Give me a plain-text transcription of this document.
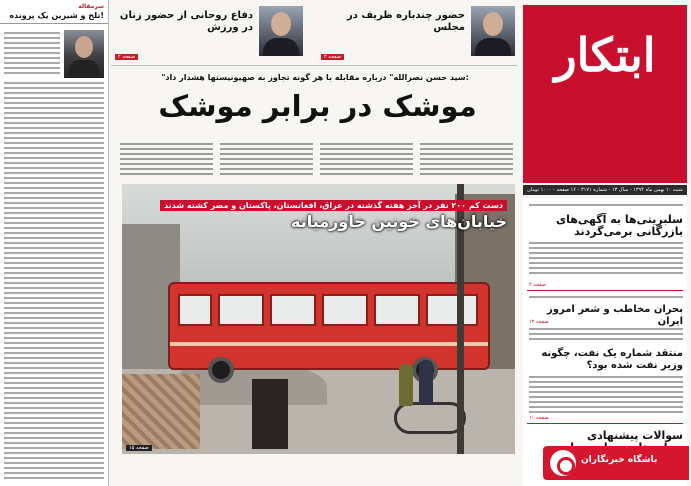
سرمقاله
تلخ و شیرین یک پرونده!	دفاع روحانی از حضور زنان در ورزش
صفحه ۲
حضور چندباره ظریف در مجلس
صفحه ۲	ابتکار
شنبه ۱۰ بهمن ماه ۱۳۹۴ - سال ۱۳ - شماره ۳۱۷۱ - ۱۶ صفحه - ۱۰۰۰ تومان
"سید حسن نصرالله" درباره مقابله با هر گونه تجاوز به صهیونیستها هشدار داد:
موشک در برابر موشک
دست کم ۲۰۰ نفر در آخر هفته گذشته در عراق، افغانستان، پاکستان و مصر کشته شدند
خیابان‌های خونین خاورمیانه
صفحه ۱۵
سلبریتی‌ها به آگهی‌های بازرگانی برمی‌گردند
صفحه ۴
بحران مخاطب و شعر امروز ایران
صفحه ۱۳
منتقد شماره یک نفت، چگونه وزیر نفت شده بود؟
صفحه ۱۱
سوالات پیشنهادی
باشگاه خبرنگاران
